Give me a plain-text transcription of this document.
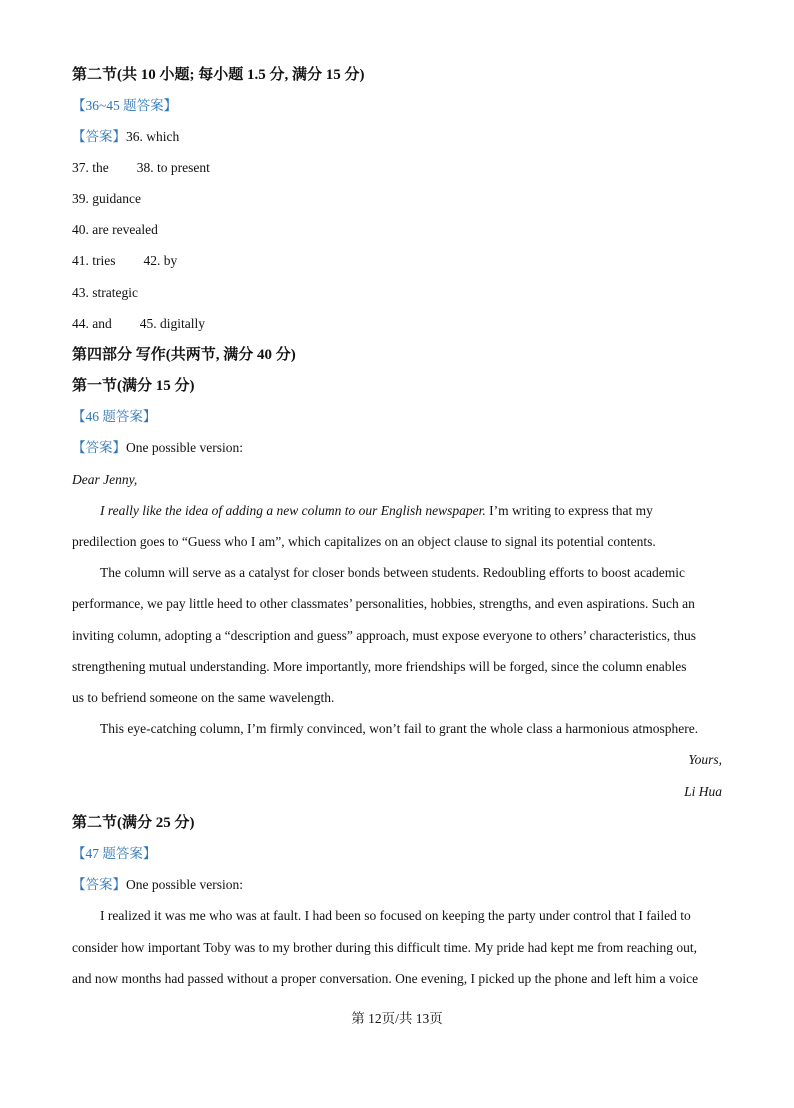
第二节(共 10 小题; 每小题 1.5 分, 满分 15 分)
【36~45 题答案】
【答案】36. which
37. the 38. to present
39. guidance
40. are revealed
41. tries 42. by
43. strategic
44. and 45. digitally
第四部分 写作(共两节, 满分 40 分)
第一节(满分 15 分)
【46 题答案】
【答案】One possible version:
Dear Jenny,
I really like the idea of adding a new column to our English newspaper. I’m writing to express that my
predilection goes to “Guess who I am”, which capitalizes on an object clause to signal its potential contents.
The column will serve as a catalyst for closer bonds between students. Redoubling efforts to boost academic
performance, we pay little heed to other classmates’ personalities, hobbies, strengths, and even aspirations. Such an
inviting column, adopting a “description and guess” approach, must expose everyone to others’ characteristics, thus
strengthening mutual understanding. More importantly, more friendships will be forged, since the column enables
us to befriend someone on the same wavelength.
This eye-catching column, I’m firmly convinced, won’t fail to grant the whole class a harmonious atmosphere.
Yours,
Li Hua
第二节(满分 25 分)
【47 题答案】
【答案】One possible version:
I realized it was me who was at fault. I had been so focused on keeping the party under control that I failed to
consider how important Toby was to my brother during this difficult time. My pride had kept me from reaching out,
and now months had passed without a proper conversation. One evening, I picked up the phone and left him a voice
第 12页/共 13页
